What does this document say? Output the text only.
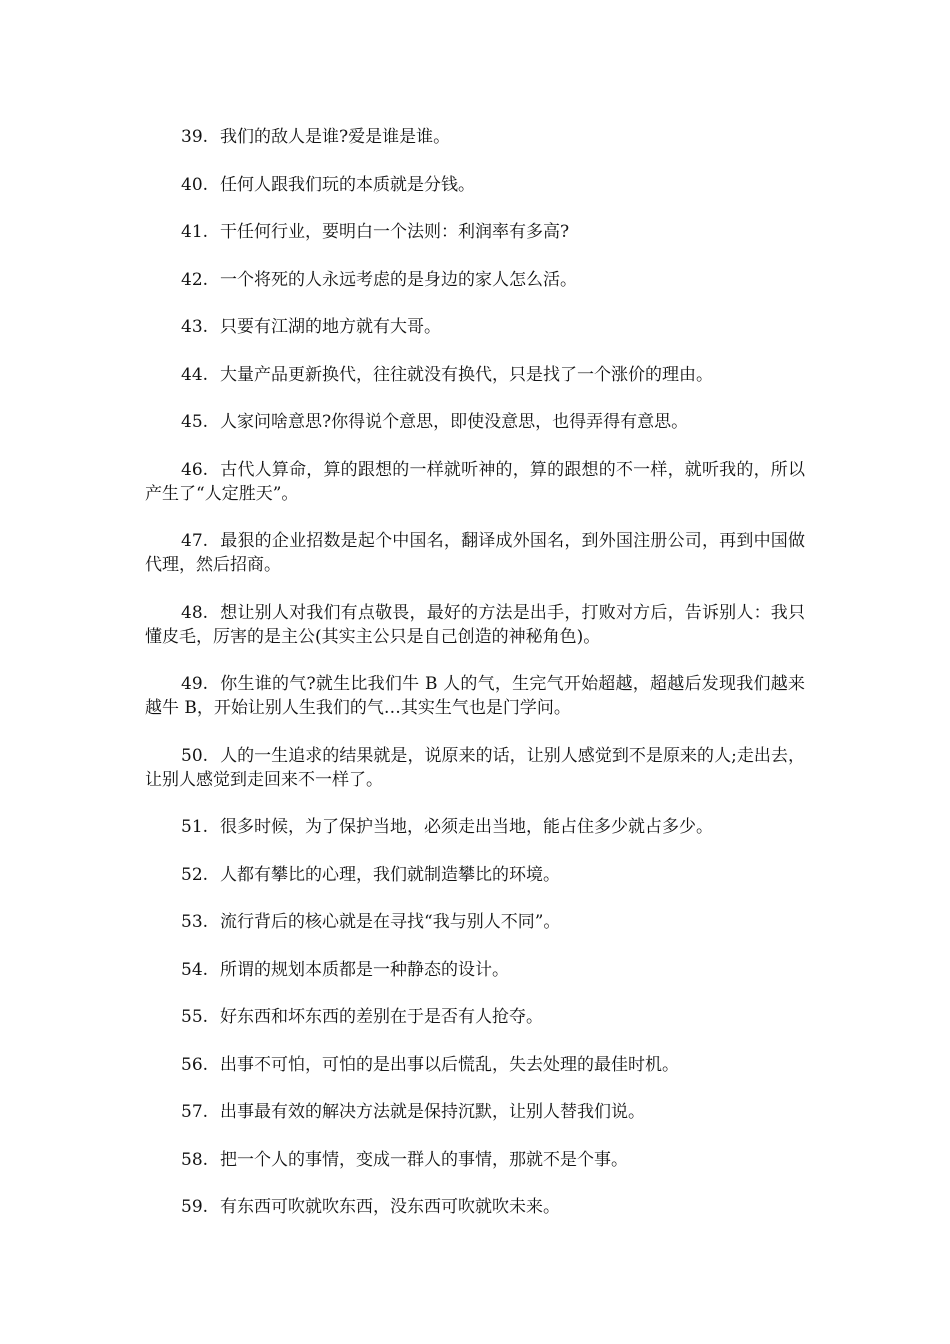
39. 我们的敌人是谁?爱是谁是谁。

40. 任何人跟我们玩的本质就是分钱。

41. 干任何行业，要明白一个法则：利润率有多高?

42. 一个将死的人永远考虑的是身边的家人怎么活。

43. 只要有江湖的地方就有大哥。

44. 大量产品更新换代，往往就没有换代，只是找了一个涨价的理由。

45. 人家问啥意思?你得说个意思，即使没意思，也得弄得有意思。

46. 古代人算命，算的跟想的一样就听神的，算的跟想的不一样，就听我的，所以产生了“人定胜天”。

47. 最狠的企业招数是起个中国名，翻译成外国名，到外国注册公司，再到中国做代理，然后招商。

48. 想让别人对我们有点敬畏，最好的方法是出手，打败对方后，告诉别人：我只懂皮毛，厉害的是主公(其实主公只是自己创造的神秘角色)。

49. 你生谁的气?就生比我们牛 B 人的气，生完气开始超越，超越后发现我们越来越牛 B，开始让别人生我们的气…其实生气也是门学问。

50. 人的一生追求的结果就是，说原来的话，让别人感觉到不是原来的人;走出去，让别人感觉到走回来不一样了。

51. 很多时候，为了保护当地，必须走出当地，能占住多少就占多少。

52. 人都有攀比的心理，我们就制造攀比的环境。

53. 流行背后的核心就是在寻找“我与别人不同”。

54. 所谓的规划本质都是一种静态的设计。

55. 好东西和坏东西的差别在于是否有人抢夺。

56. 出事不可怕，可怕的是出事以后慌乱，失去处理的最佳时机。

57. 出事最有效的解决方法就是保持沉默，让别人替我们说。

58. 把一个人的事情，变成一群人的事情，那就不是个事。

59. 有东西可吹就吹东西，没东西可吹就吹未来。
